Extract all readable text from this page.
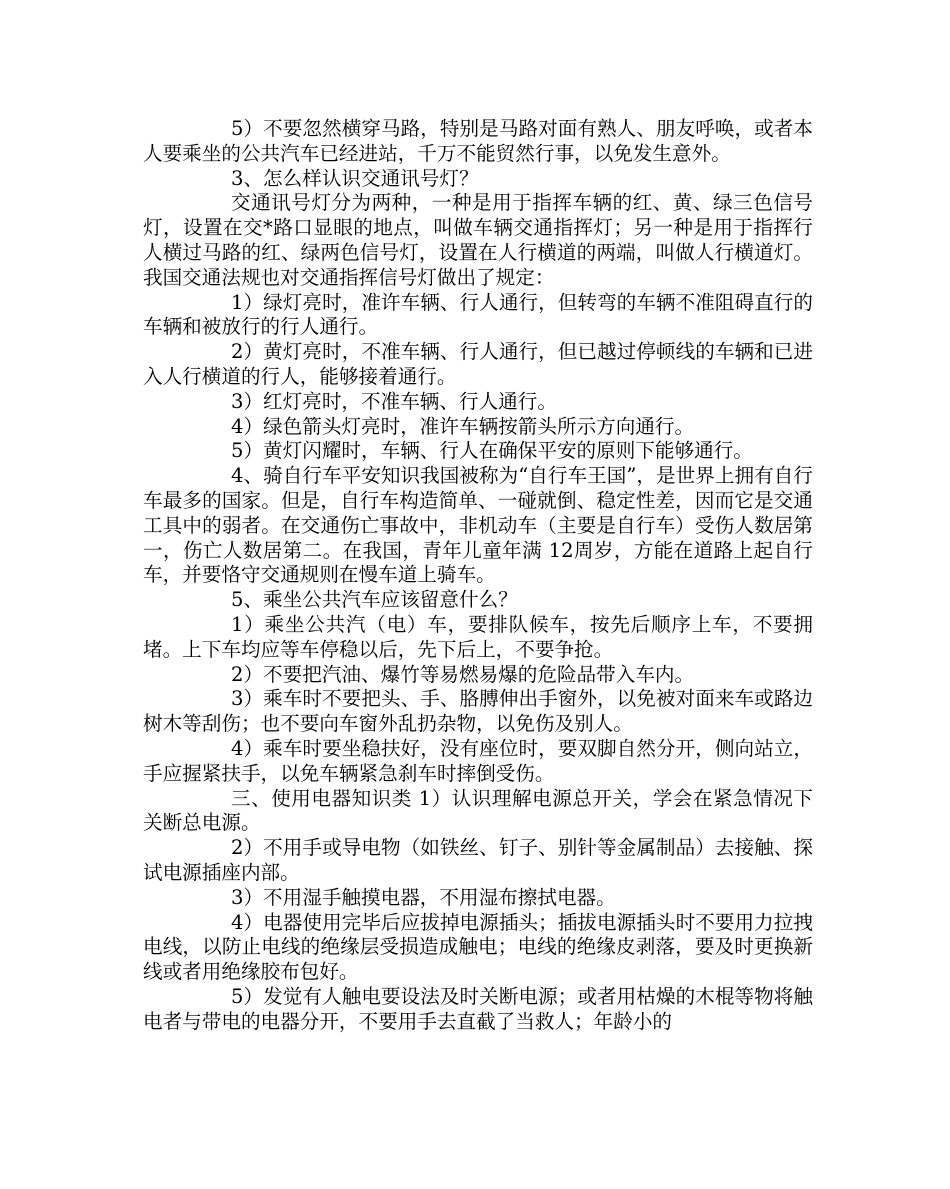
5）不要忽然横穿马路，特别是马路对面有熟人、朋友呼唤，或者本人要乘坐的公共汽车已经进站，千万不能贸然行事，以免发生意外。

3、怎么样认识交通讯号灯？

交通讯号灯分为两种，一种是用于指挥车辆的红、黄、绿三色信号灯，设置在交*路口显眼的地点，叫做车辆交通指挥灯；另一种是用于指挥行人横过马路的红、绿两色信号灯，设置在人行横道的两端，叫做人行横道灯。我国交通法规也对交通指挥信号灯做出了规定：

1）绿灯亮时，准许车辆、行人通行，但转弯的车辆不准阻碍直行的车辆和被放行的行人通行。

2）黄灯亮时，不准车辆、行人通行，但已越过停顿线的车辆和已进入人行横道的行人，能够接着通行。

3）红灯亮时，不准车辆、行人通行。

4）绿色箭头灯亮时，准许车辆按箭头所示方向通行。

5）黄灯闪耀时，车辆、行人在确保平安的原则下能够通行。

4、骑自行车平安知识我国被称为“自行车王国”，是世界上拥有自行车最多的国家。但是，自行车构造简单、一碰就倒、稳定性差，因而它是交通工具中的弱者。在交通伤亡事故中，非机动车（主要是自行车）受伤人数居第一，伤亡人数居第二。在我国，青年儿童年满 12周岁，方能在道路上起自行车，并要恪守交通规则在慢车道上骑车。

5、乘坐公共汽车应该留意什么？

1）乘坐公共汽（电）车，要排队候车，按先后顺序上车，不要拥堵。上下车均应等车停稳以后，先下后上，不要争抢。

2）不要把汽油、爆竹等易燃易爆的危险品带入车内。

3）乘车时不要把头、手、胳膊伸出手窗外，以免被对面来车或路边树木等刮伤；也不要向车窗外乱扔杂物，以免伤及别人。

4）乘车时要坐稳扶好，没有座位时，要双脚自然分开，侧向站立，手应握紧扶手，以免车辆紧急刹车时摔倒受伤。

三、使用电器知识类 1）认识理解电源总开关，学会在紧急情况下关断总电源。

2）不用手或导电物（如铁丝、钉子、别针等金属制品）去接触、探试电源插座内部。

3）不用湿手触摸电器，不用湿布擦拭电器。

4）电器使用完毕后应拔掉电源插头；插拔电源插头时不要用力拉拽电线，以防止电线的绝缘层受损造成触电；电线的绝缘皮剥落，要及时更换新线或者用绝缘胶布包好。

5）发觉有人触电要设法及时关断电源；或者用枯燥的木棍等物将触电者与带电的电器分开，不要用手去直截了当救人；年龄小的
